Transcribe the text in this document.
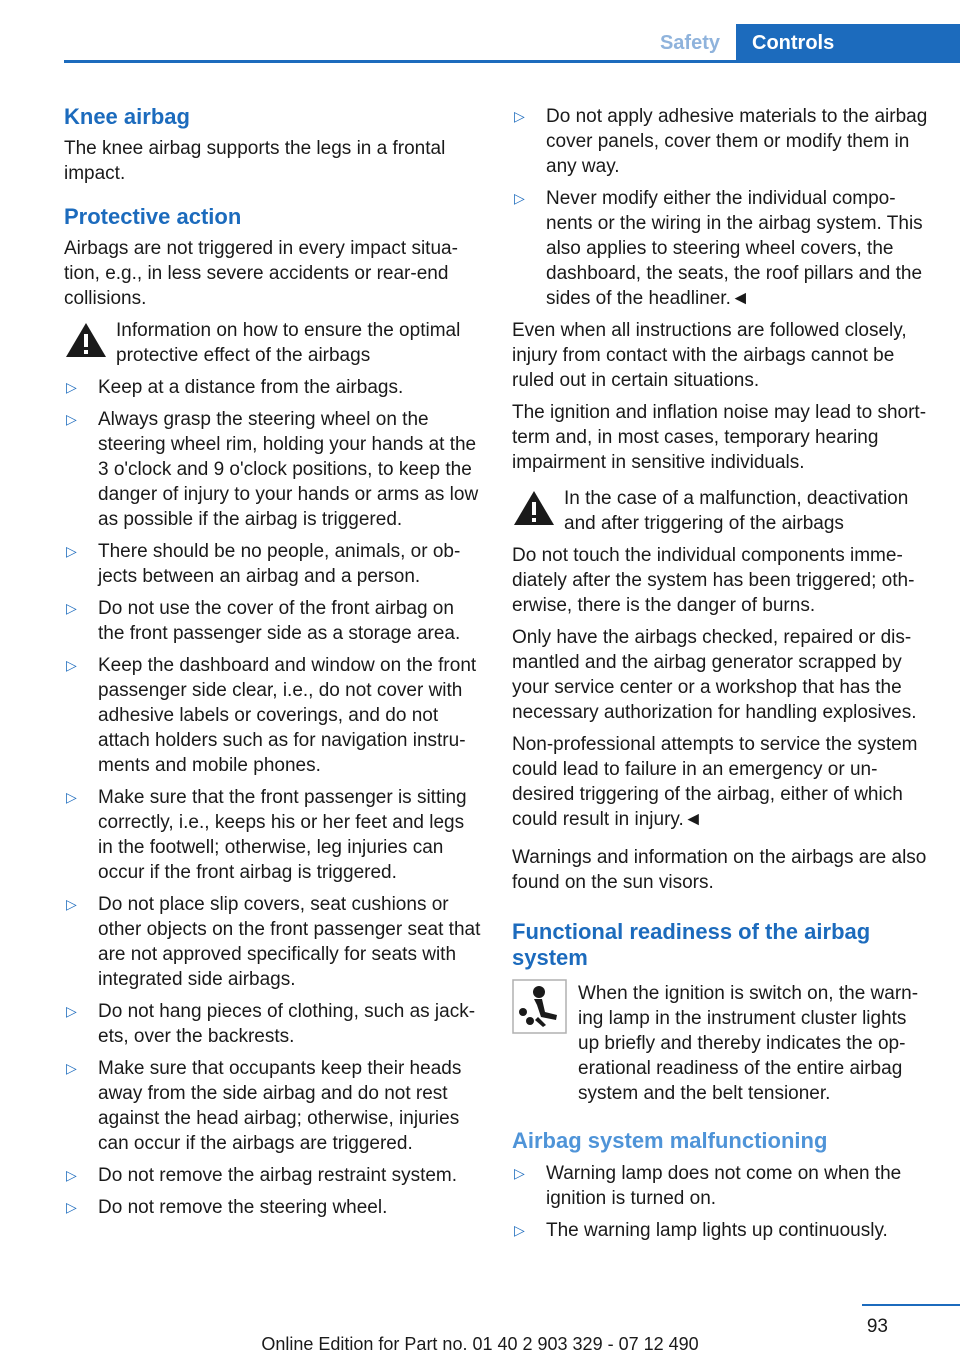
Safety	Controls
Knee airbag

The knee airbag supports the legs in a frontal impact.

Protective action

Airbags are not triggered in every impact situation, e.g., in less severe accidents or rear-end collisions.

Information on how to ensure the optimal protective effect of the airbags
▷ Keep at a distance from the airbags.
▷ Always grasp the steering wheel on the steering wheel rim, holding your hands at the 3 o'clock and 9 o'clock positions, to keep the danger of injury to your hands or arms as low as possible if the airbag is triggered.
▷ There should be no people, animals, or objects between an airbag and a person.
▷ Do not use the cover of the front airbag on the front passenger side as a storage area.
▷ Keep the dashboard and window on the front passenger side clear, i.e., do not cover with adhesive labels or coverings, and do not attach holders such as for navigation instruments and mobile phones.
▷ Make sure that the front passenger is sitting correctly, i.e., keeps his or her feet and legs in the footwell; otherwise, leg injuries can occur if the front airbag is triggered.
▷ Do not place slip covers, seat cushions or other objects on the front passenger seat that are not approved specifically for seats with integrated side airbags.
▷ Do not hang pieces of clothing, such as jackets, over the backrests.
▷ Make sure that occupants keep their heads away from the side airbag and do not rest against the head airbag; otherwise, injuries can occur if the airbags are triggered.
▷ Do not remove the airbag restraint system.
▷ Do not remove the steering wheel.
▷ Do not apply adhesive materials to the airbag cover panels, cover them or modify them in any way.
▷ Never modify either the individual components or the wiring in the airbag system. This also applies to steering wheel covers, the dashboard, the seats, the roof pillars and the sides of the headliner.◄

Even when all instructions are followed closely, injury from contact with the airbags cannot be ruled out in certain situations.

The ignition and inflation noise may lead to short-term and, in most cases, temporary hearing impairment in sensitive individuals.

In the case of a malfunction, deactivation and after triggering of the airbags

Do not touch the individual components immediately after the system has been triggered; otherwise, there is the danger of burns.

Only have the airbags checked, repaired or dismantled and the airbag generator scrapped by your service center or a workshop that has the necessary authorization for handling explosives.

Non-professional attempts to service the system could lead to failure in an emergency or undesired triggering of the airbag, either of which could result in injury.◄

Warnings and information on the airbags are also found on the sun visors.

Functional readiness of the airbag system
When the ignition is switch on, the warning lamp in the instrument cluster lights up briefly and thereby indicates the operational readiness of the entire airbag system and the belt tensioner.
Airbag system malfunctioning
▷ Warning lamp does not come on when the ignition is turned on.
▷ The warning lamp lights up continuously.
93
Online Edition for Part no. 01 40 2 903 329 - 07 12 490
